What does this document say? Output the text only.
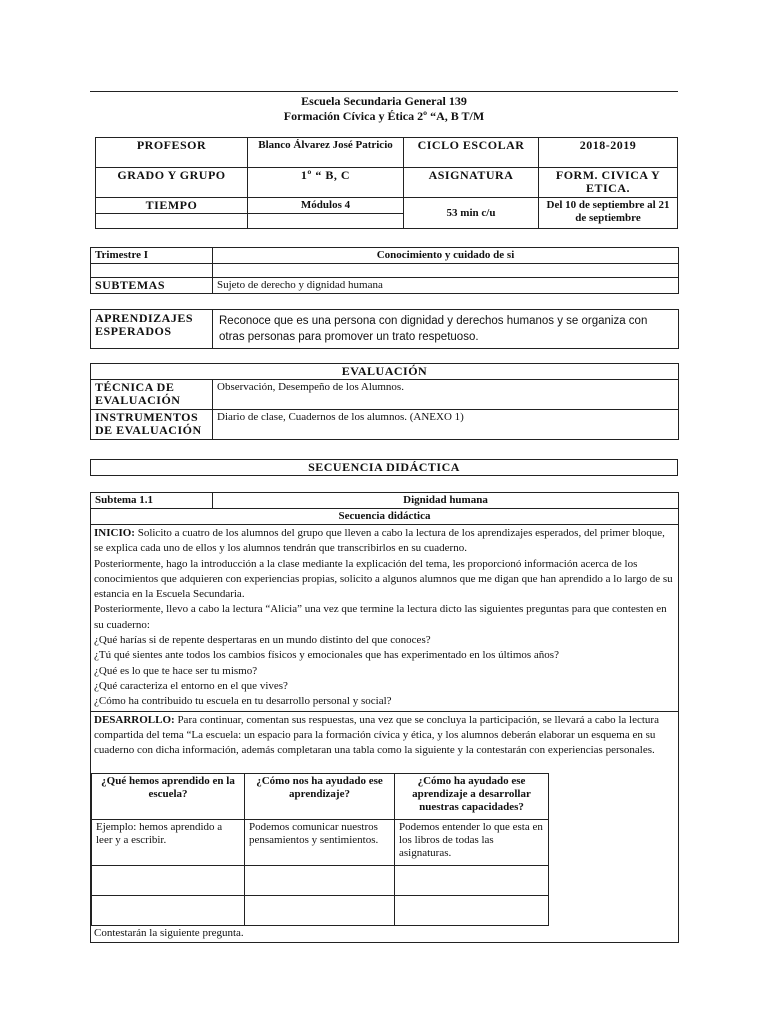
Escuela Secundaria General 139
Formación Cívica y Ética 2º “A, B T/M
PROFESOR	Blanco Álvarez José Patricio	CICLO ESCOLAR	2018-2019
GRADO Y GRUPO	1º “ B, C	ASIGNATURA	FORM. CIVICA Y ETICA.
TIEMPO	Módulos 4	53 min c/u	Del 10 de septiembre al 21 de septiembre

Trimestre I	Conocimiento y cuidado de si

SUBTEMAS	Sujeto de derecho y dignidad humana
APRENDIZAJES ESPERADOS	Reconoce que es una persona con dignidad y derechos humanos y se organiza con otras personas para promover un trato respetuoso.
EVALUACIÓN	
TÉCNICA DE EVALUACIÓN	Observación, Desempeño de los Alumnos.
INSTRUMENTOS DE EVALUACIÓN	Diario de clase, Cuadernos de los alumnos. (ANEXO 1)
SECUENCIA DIDÁCTICA
Subtema 1.1	Dignidad humana
Secuencia didáctica

INICIO: Solicito a cuatro de los alumnos del grupo que lleven a cabo la lectura de los aprendizajes esperados, del primer bloque, se explica cada uno de ellos y los alumnos tendrán que transcribirlos en su cuaderno.

Posteriormente, hago la introducción a la clase mediante la explicación del tema, les proporcionó información acerca de los conocimientos que adquieren con experiencias propias, solicito a algunos alumnos que me digan que han aprendido a lo largo de su estancia en la Escuela Secundaria.

Posteriormente, llevo a cabo la lectura “Alicia” una vez que termine la lectura dicto las siguientes preguntas para que contesten en su cuaderno:

¿Qué harías si de repente despertaras en un mundo distinto del que conoces?

¿Tú qué sientes ante todos los cambios físicos y emocionales que has experimentado en los últimos años?

¿Qué es lo que te hace ser tu mismo?

¿Qué caracteriza el entorno en el que vives?

¿Cómo ha contribuido tu escuela en tu desarrollo personal y social?

DESARROLLO: Para continuar, comentan sus respuestas, una vez que se concluya la participación, se llevará a cabo la lectura compartida del tema “La escuela: un espacio para la formación cívica y ética, y los alumnos deberán elaborar un esquema en su cuaderno con dicha información, además completaran una tabla como la siguiente y la contestarán con experiencias personales.

¿Qué hemos aprendido en la escuela?	¿Cómo nos ha ayudado ese aprendizaje?	¿Cómo ha ayudado ese aprendizaje a desarrollar nuestras capacidades?
Ejemplo: hemos aprendido a leer y a escribir.	Podemos comunicar nuestros pensamientos y sentimientos.	Podemos entender lo que esta en los libros de todas las asignaturas.

Contestarán la siguiente pregunta.
